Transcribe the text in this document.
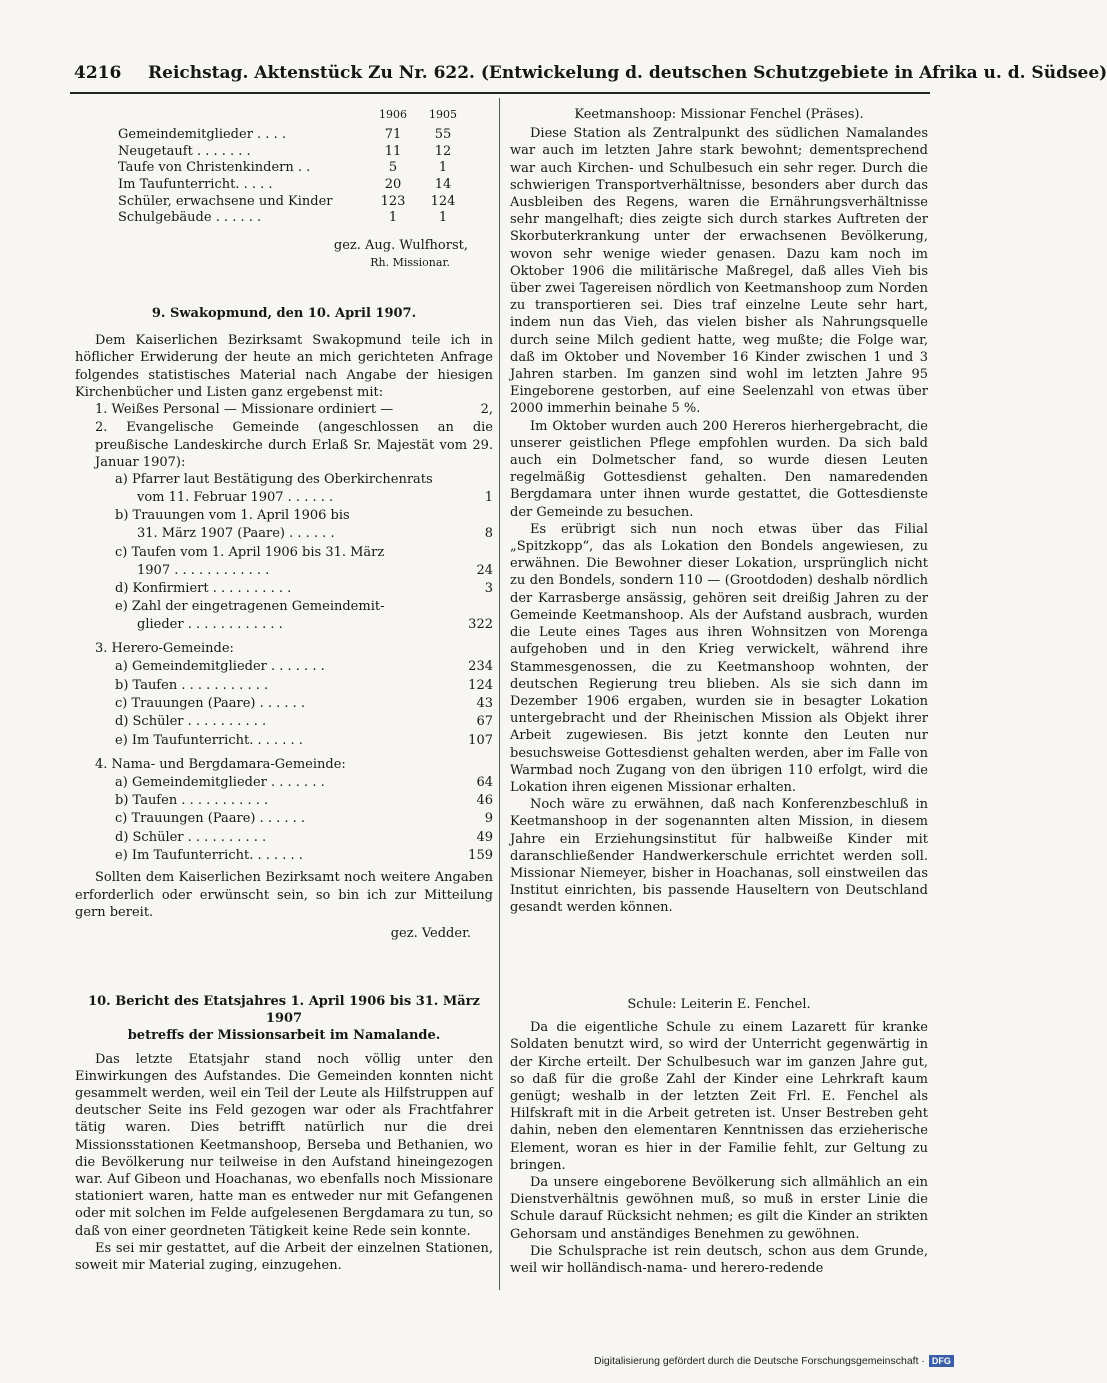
4216 Reichstag. Aktenstück Zu Nr. 622. (Entwickelung d. deutschen Schutzgebiete in Afrika u. d. Südsee)
	1906	1905
Gemeindemitglieder . . . .	71	55
Neugetauft . . . . . . .	11	12
Taufe von Christenkindern . .	5	1
Im Taufunterricht. . . . .	20	14
Schüler, erwachsene und Kinder	123	124
Schulgebäude . . . . . .	1	1
gez. Aug. Wulfhorst,
Rh. Missionar.
9. Swakopmund, den 10. April 1907.

Dem Kaiserlichen Bezirksamt Swakopmund teile ich in höflicher Erwiderung der heute an mich gerichteten Anfrage folgendes statistisches Material nach Angabe der hiesigen Kirchenbücher und Listen ganz ergebenst mit:

1. Weißes Personal — Missionare ordiniert —	2,

2. Evangelische Gemeinde (angeschlossen an die preußische Landeskirche durch Erlaß Sr. Majestät vom 29. Januar 1907):

a) Pfarrer laut Bestätigung des Oberkirchenrats
vom 11. Februar 1907 . . . . . .	1
b) Trauungen vom 1. April 1906 bis
31. März 1907 (Paare) . . . . . .	8
c) Taufen vom 1. April 1906 bis 31. März
1907 . . . . . . . . . . . .	24
d) Konfirmiert . . . . . . . . . .	3
e) Zahl der eingetragenen Gemeindemit-
glieder . . . . . . . . . . . .	322
3. Herero-Gemeinde:
a) Gemeindemitglieder . . . . . . .	234
b) Taufen . . . . . . . . . . .	124
c) Trauungen (Paare) . . . . . .	43
d) Schüler . . . . . . . . . .	67
e) Im Taufunterricht. . . . . . .	107
4. Nama- und Bergdamara-Gemeinde:
a) Gemeindemitglieder . . . . . . .	64
b) Taufen . . . . . . . . . . .	46
c) Trauungen (Paare) . . . . . .	9
d) Schüler . . . . . . . . . .	49
e) Im Taufunterricht. . . . . . .	159

Sollten dem Kaiserlichen Bezirksamt noch weitere Angaben erforderlich oder erwünscht sein, so bin ich zur Mitteilung gern bereit.

gez. Vedder.
10. Bericht des Etatsjahres 1. April 1906 bis 31. März 1907
betreffs der Missionsarbeit im Namalande.

Das letzte Etatsjahr stand noch völlig unter den Einwirkungen des Aufstandes. Die Gemeinden konnten nicht gesammelt werden, weil ein Teil der Leute als Hilfstruppen auf deutscher Seite ins Feld gezogen war oder als Frachtfahrer tätig waren. Dies betrifft natürlich nur die drei Missionsstationen Keetmanshoop, Berseba und Bethanien, wo die Bevölkerung nur teilweise in den Aufstand hineingezogen war. Auf Gibeon und Hoachanas, wo ebenfalls noch Missionare stationiert waren, hatte man es entweder nur mit Gefangenen oder mit solchen im Felde aufgelesenen Bergdamara zu tun, so daß von einer geordneten Tätigkeit keine Rede sein konnte.

Es sei mir gestattet, auf die Arbeit der einzelnen Stationen, soweit mir Material zuging, einzugehen.

Keetmanshoop: Missionar Fenchel (Präses).

Diese Station als Zentralpunkt des südlichen Namalandes war auch im letzten Jahre stark bewohnt; dementsprechend war auch Kirchen- und Schulbesuch ein sehr reger. Durch die schwierigen Transportverhältnisse, besonders aber durch das Ausbleiben des Regens, waren die Ernährungsverhältnisse sehr mangelhaft; dies zeigte sich durch starkes Auftreten der Skorbuterkrankung unter der erwachsenen Bevölkerung, wovon sehr wenige wieder genasen. Dazu kam noch im Oktober 1906 die militärische Maßregel, daß alles Vieh bis über zwei Tagereisen nördlich von Keetmanshoop zum Norden zu transportieren sei. Dies traf einzelne Leute sehr hart, indem nun das Vieh, das vielen bisher als Nahrungsquelle durch seine Milch gedient hatte, weg mußte; die Folge war, daß im Oktober und November 16 Kinder zwischen 1 und 3 Jahren starben. Im ganzen sind wohl im letzten Jahre 95 Eingeborene gestorben, auf eine Seelenzahl von etwas über 2000 immerhin beinahe 5 %.

Im Oktober wurden auch 200 Hereros hierhergebracht, die unserer geistlichen Pflege empfohlen wurden. Da sich bald auch ein Dolmetscher fand, so wurde diesen Leuten regelmäßig Gottesdienst gehalten. Den namaredenden Bergdamara unter ihnen wurde gestattet, die Gottesdienste der Gemeinde zu besuchen.

Es erübrigt sich nun noch etwas über das Filial „Spitzkopp“, das als Lokation den Bondels angewiesen, zu erwähnen. Die Bewohner dieser Lokation, ursprünglich nicht zu den Bondels, sondern 110 — (Grootdoden) deshalb nördlich der Karrasberge ansässig, gehören seit dreißig Jahren zu der Gemeinde Keetmanshoop. Als der Aufstand ausbrach, wurden die Leute eines Tages aus ihren Wohnsitzen von Morenga aufgehoben und in den Krieg verwickelt, während ihre Stammesgenossen, die zu Keetmanshoop wohnten, der deutschen Regierung treu blieben. Als sie sich dann im Dezember 1906 ergaben, wurden sie in besagter Lokation untergebracht und der Rheinischen Mission als Objekt ihrer Arbeit zugewiesen. Bis jetzt konnte den Leuten nur besuchsweise Gottesdienst gehalten werden, aber im Falle von Warmbad noch Zugang von den übrigen 110 erfolgt, wird die Lokation ihren eigenen Missionar erhalten.

Noch wäre zu erwähnen, daß nach Konferenzbeschluß in Keetmanshoop in der sogenannten alten Mission, in diesem Jahre ein Erziehungsinstitut für halbweiße Kinder mit daranschließender Handwerkerschule errichtet werden soll. Missionar Niemeyer, bisher in Hoachanas, soll einstweilen das Institut einrichten, bis passende Hauseltern von Deutschland gesandt werden können.

Schule: Leiterin E. Fenchel.

Da die eigentliche Schule zu einem Lazarett für kranke Soldaten benutzt wird, so wird der Unterricht gegenwärtig in der Kirche erteilt. Der Schulbesuch war im ganzen Jahre gut, so daß für die große Zahl der Kinder eine Lehrkraft kaum genügt; weshalb in der letzten Zeit Frl. E. Fenchel als Hilfskraft mit in die Arbeit getreten ist. Unser Bestreben geht dahin, neben den elementaren Kenntnissen das erzieherische Element, woran es hier in der Familie fehlt, zur Geltung zu bringen.

Da unsere eingeborene Bevölkerung sich allmählich an ein Dienstverhältnis gewöhnen muß, so muß in erster Linie die Schule darauf Rücksicht nehmen; es gilt die Kinder an strikten Gehorsam und anständiges Benehmen zu gewöhnen.

Die Schulsprache ist rein deutsch, schon aus dem Grunde, weil wir holländisch-nama- und herero-redende

Digitalisierung gefördert durch die Deutsche Forschungsgemeinschaft · DFG
